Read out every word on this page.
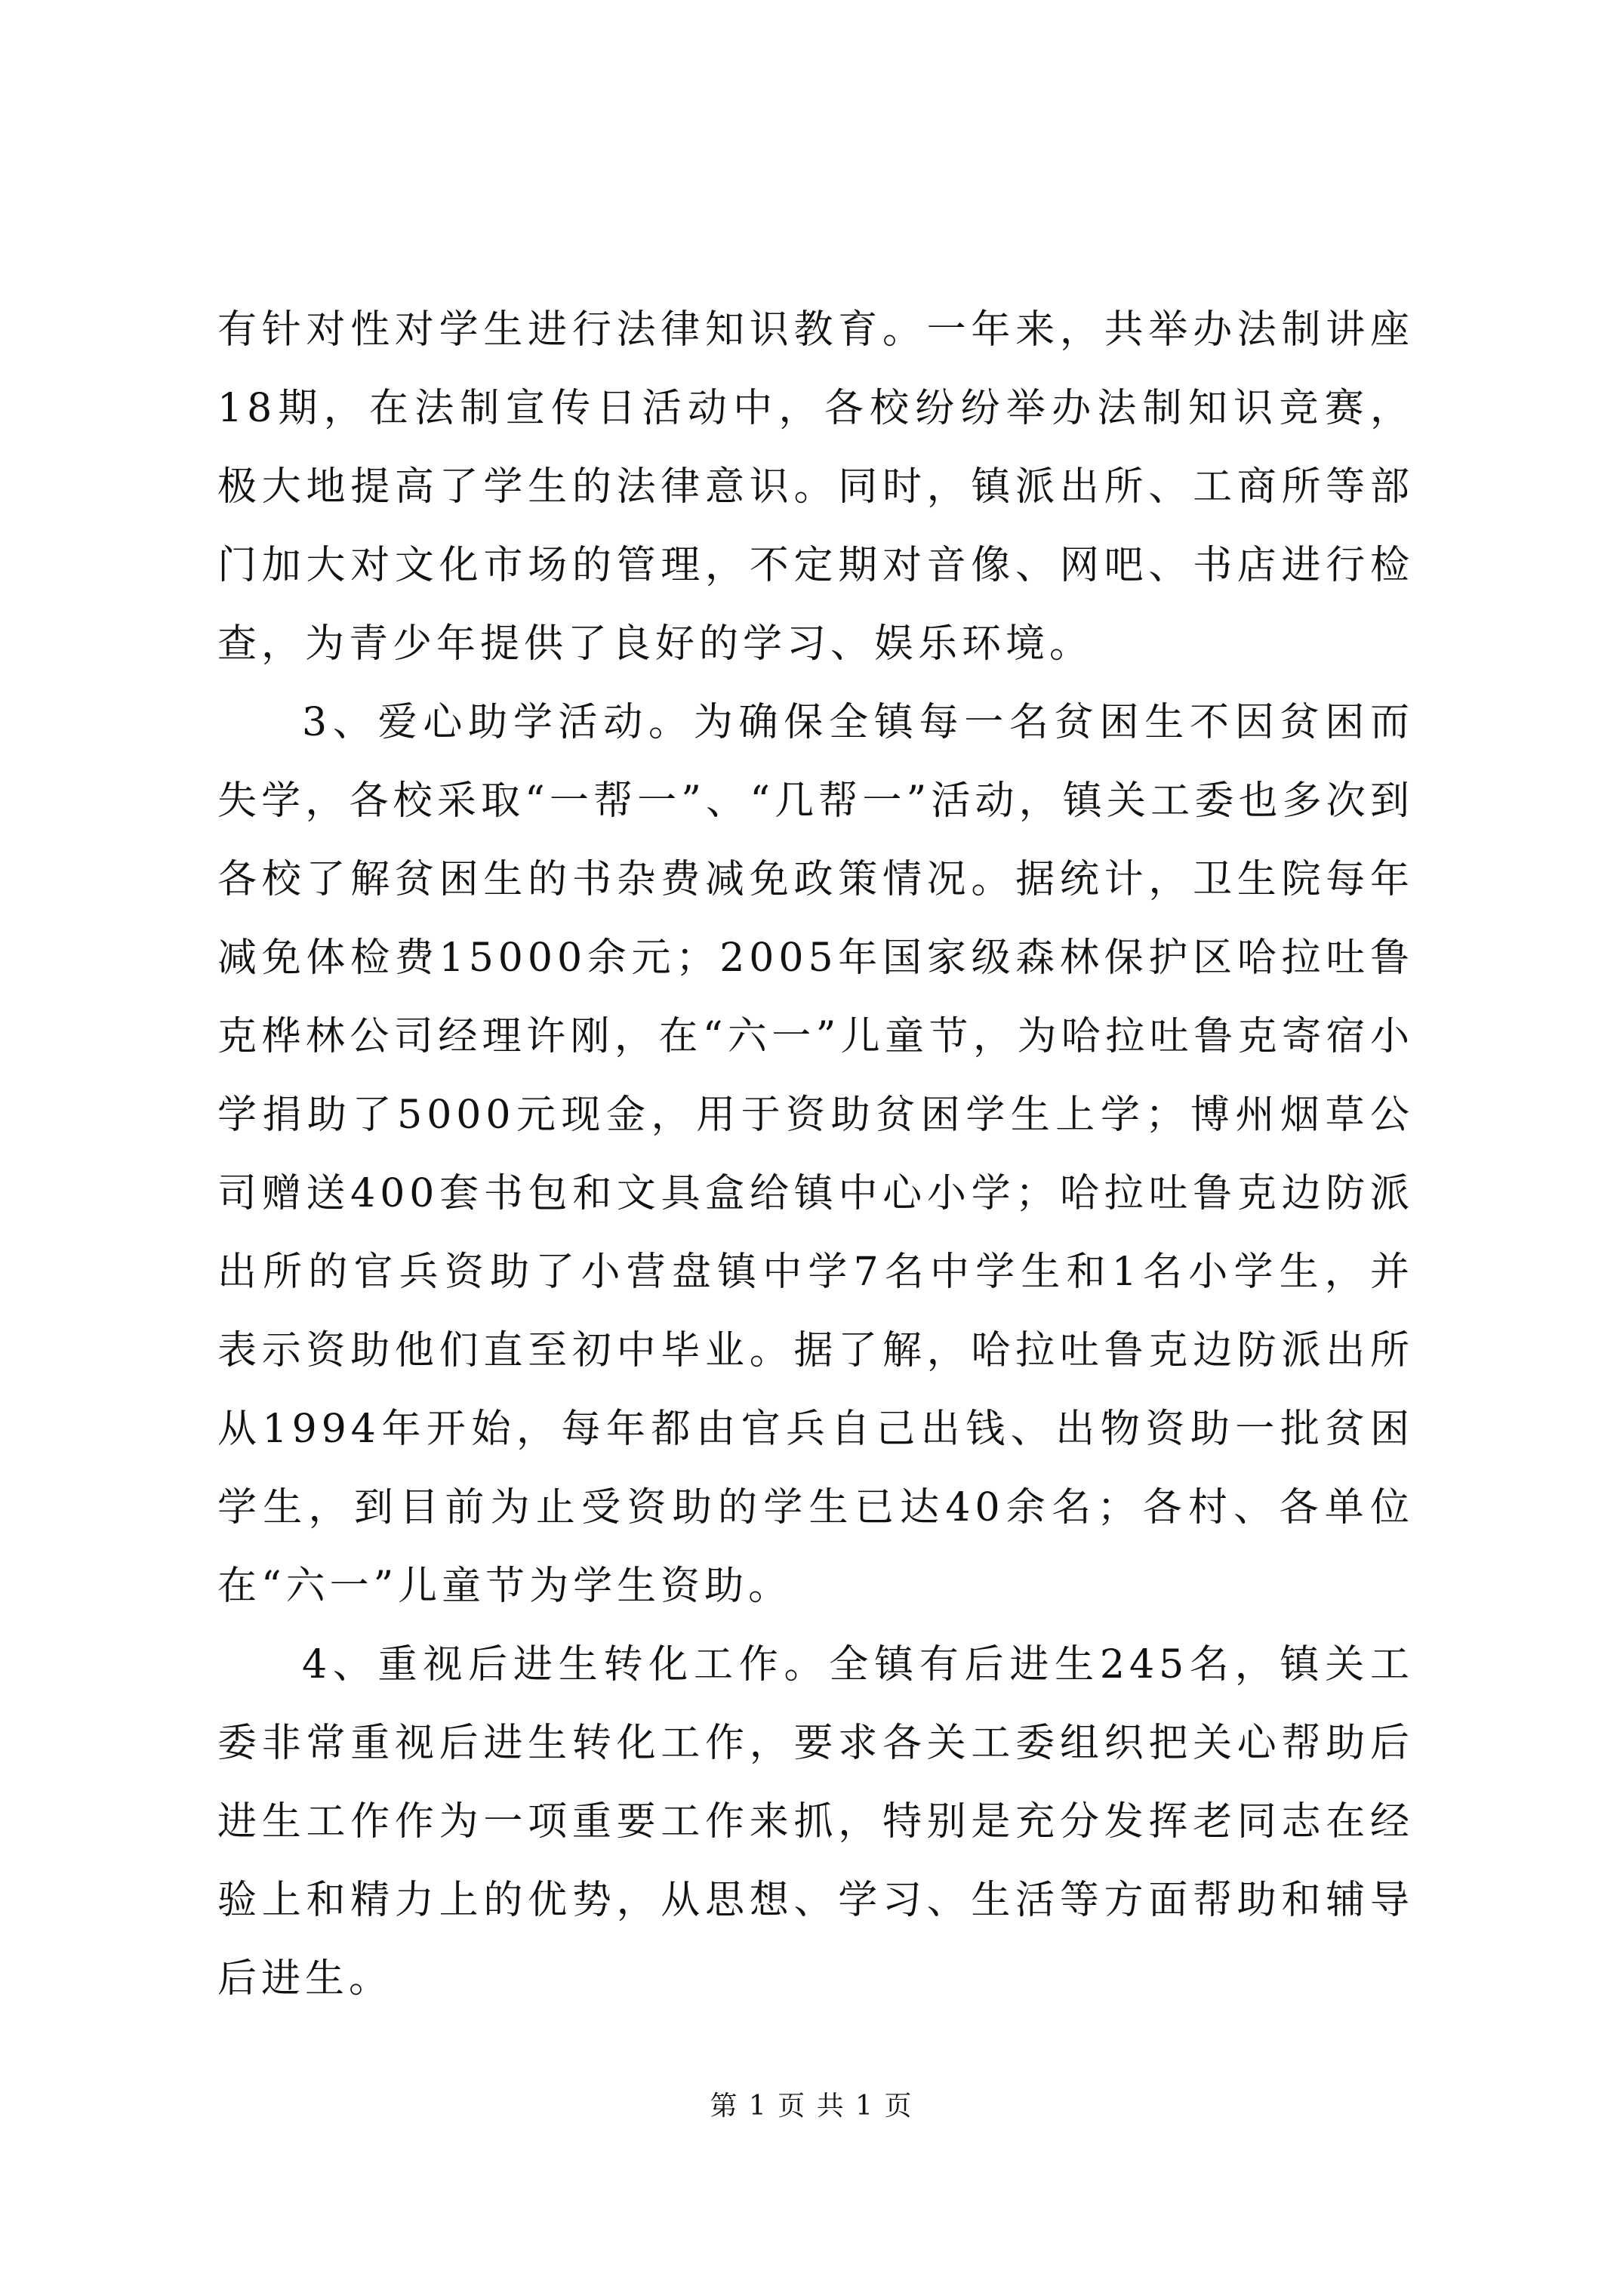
有针对性对学生进行法律知识教育。一年来，共举办法制讲座18期，在法制宣传日活动中，各校纷纷举办法制知识竞赛，极大地提高了学生的法律意识。同时，镇派出所、工商所等部门加大对文化市场的管理，不定期对音像、网吧、书店进行检查，为青少年提供了良好的学习、娱乐环境。

3、爱心助学活动。为确保全镇每一名贫困生不因贫困而失学，各校采取“一帮一”、“几帮一”活动，镇关工委也多次到各校了解贫困生的书杂费减免政策情况。据统计，卫生院每年减免体检费15000余元；2005年国家级森林保护区哈拉吐鲁克桦林公司经理许刚，在“六一”儿童节，为哈拉吐鲁克寄宿小学捐助了5000元现金，用于资助贫困学生上学；博州烟草公司赠送400套书包和文具盒给镇中心小学；哈拉吐鲁克边防派出所的官兵资助了小营盘镇中学7名中学生和1名小学生，并表示资助他们直至初中毕业。据了解，哈拉吐鲁克边防派出所从1994年开始，每年都由官兵自己出钱、出物资助一批贫困学生，到目前为止受资助的学生已达40余名；各村、各单位在“六一”儿童节为学生资助。

4、重视后进生转化工作。全镇有后进生245名，镇关工委非常重视后进生转化工作，要求各关工委组织把关心帮助后进生工作作为一项重要工作来抓，特别是充分发挥老同志在经验上和精力上的优势，从思想、学习、生活等方面帮助和辅导后进生。

第 1 页 共 1 页
